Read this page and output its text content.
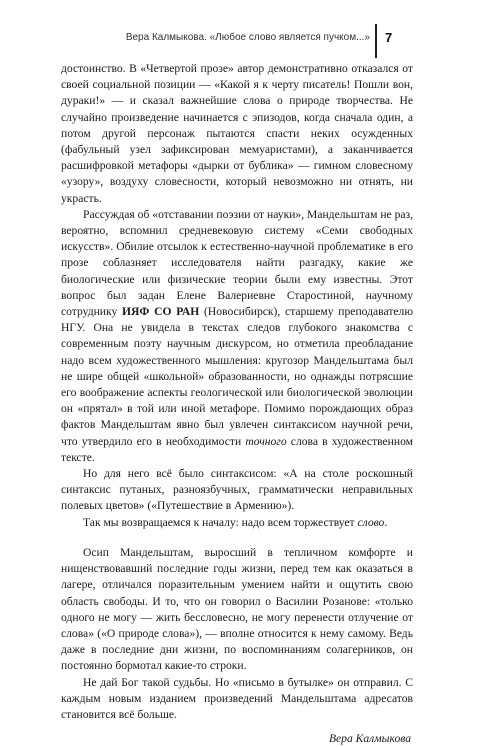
Вера Калмыкова. «Любое слово является пучком...» 7

достоинство. В «Четвертой прозе» автор демонстративно отказался от своей социальной позиции — «Какой я к черту писатель! Пошли вон, дураки!» — и сказал важнейшие слова о природе творчества. Не случайно произведение начинается с эпизодов, когда сначала один, а потом другой персонаж пытаются спасти неких осужденных (фабульный узел зафиксирован мемуаристами), а заканчивается расшифровкой метафоры «дырки от бублика» — гимном словесному «узору», воздуху словесности, который невозможно ни отнять, ни украсть.

Рассуждая об «отставании поэзии от науки», Мандельштам не раз, вероятно, вспомнил средневековую систему «Семи свободных искусств». Обилие отсылок к естественно-научной проблематике в его прозе соблазняет исследователя найти разгадку, какие же биологические или физические теории были ему известны. Этот вопрос был задан Елене Валериевне Старостиной, научному сотруднику ИЯФ СО РАН (Новосибирск), старшему преподавателю НГУ. Она не увидела в текстах следов глубокого знакомства с современным поэту научным дискурсом, но отметила преобладание надо всем художественного мышления: кругозор Мандельштама был не шире общей «школьной» образованности, но однажды потрясшие его воображение аспекты геологической или биологической эволюции он «прятал» в той или иной метафоре. Помимо порождающих образ фактов Мандельштам явно был увлечен синтаксисом научной речи, что утвердило его в необходимости точного слова в художественном тексте.

Но для него всё было синтаксисом: «А на столе роскошный синтаксис путаных, разноязбучных, грамматически неправильных полевых цветов» («Путешествие в Армению»).

Так мы возвращаемся к началу: надо всем торжествует слово.

Осип Мандельштам, выросший в тепличном комфорте и нищенствовавший последние годы жизни, перед тем как оказаться в лагере, отличался поразительным умением найти и ощутить свою область свободы. И то, что он говорил о Василии Розанове: «только одного не могу — жить бессловесно, не могу перенести отлучение от слова» («О природе слова»), — вполне относится к нему самому. Ведь даже в последние дни жизни, по воспоминаниям солагерников, он постоянно бормотал какие-то строки.

Не дай Бог такой судьбы. Но «письмо в бутылке» он отправил. С каждым новым изданием произведений Мандельштама адресатов становится всё больше.

Вера Калмыкова
